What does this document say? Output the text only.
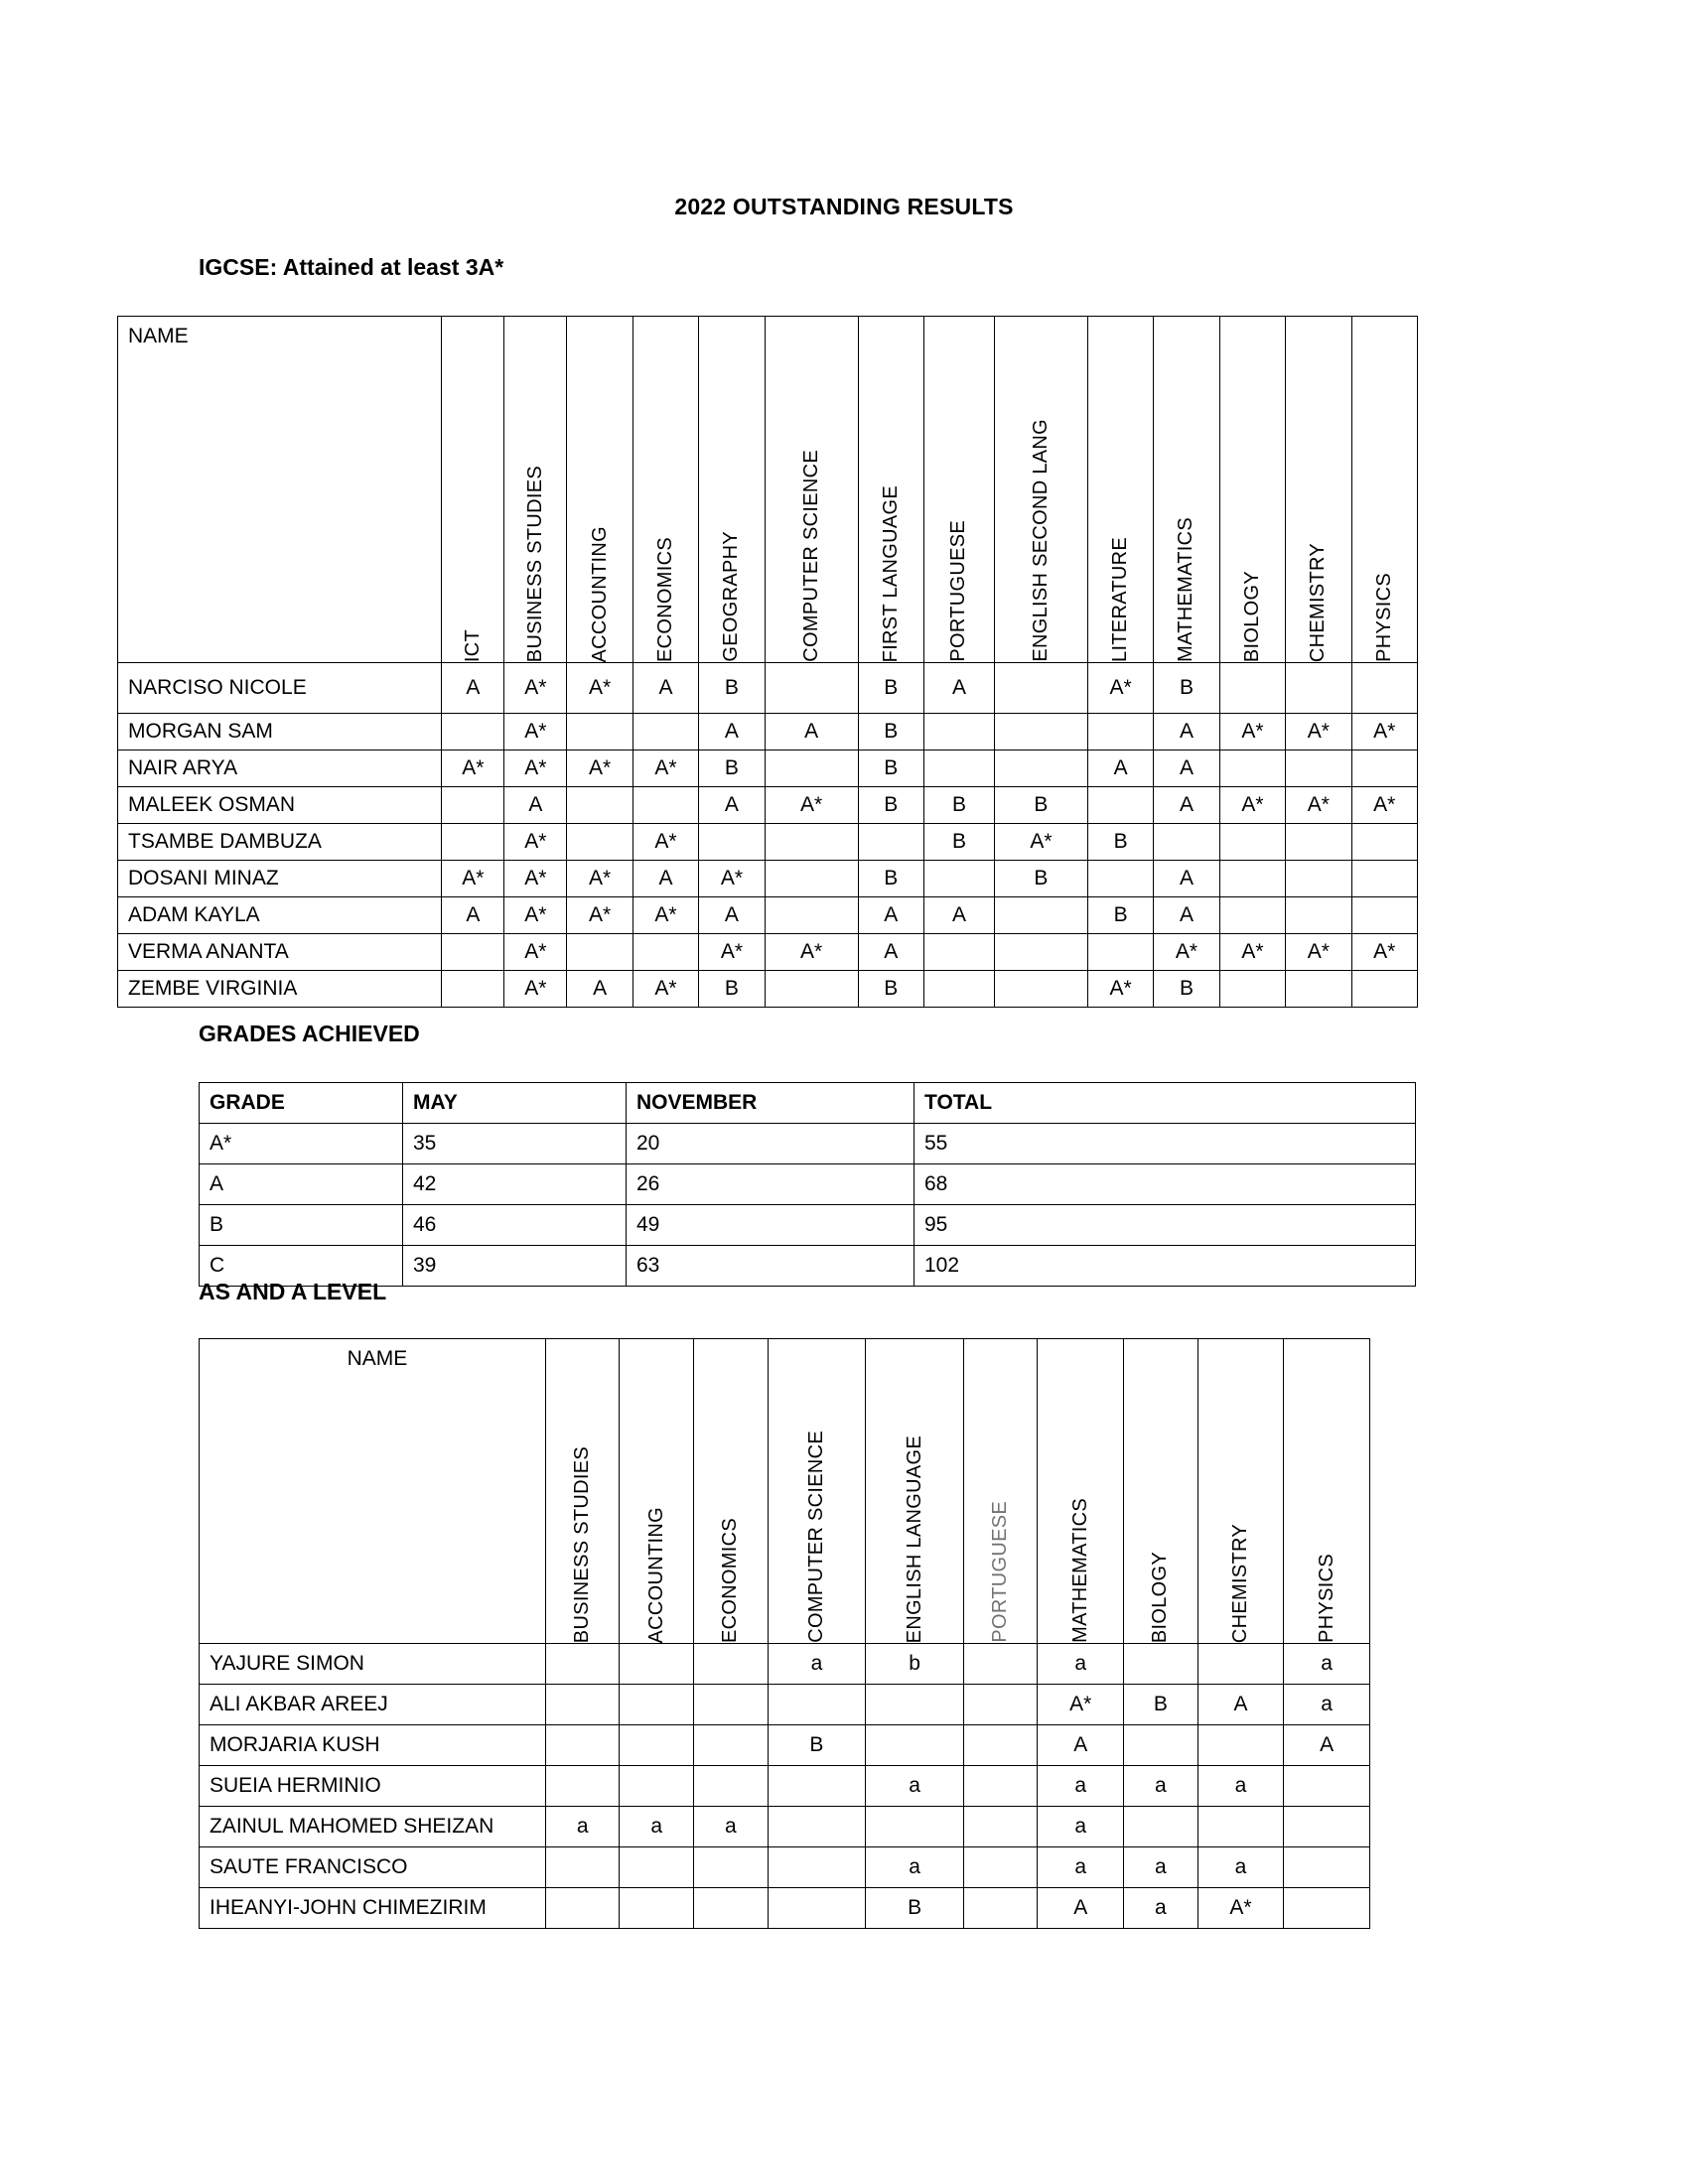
2022 OUTSTANDING RESULTS
IGCSE: Attained at least 3A*
NAME	ICT	BUSINESS STUDIES	ACCOUNTING	ECONOMICS	GEOGRAPHY	COMPUTER SCIENCE	FIRST LANGUAGE	PORTUGUESE	ENGLISH SECOND LANG	LITERATURE	MATHEMATICS	BIOLOGY	CHEMISTRY	PHYSICS

NARCISO NICOLE	A	A*	A*	A	B		B	A		A*	B			
MORGAN SAM		A*			A	A	B				A	A*	A*	A*
NAIR ARYA	A*	A*	A*	A*	B		B			A	A			
MALEEK OSMAN		A			A	A*	B	B	B		A	A*	A*	A*
TSAMBE DAMBUZA		A*		A*				B	A*	B				
DOSANI MINAZ	A*	A*	A*	A	A*		B		B		A			
ADAM KAYLA	A	A*	A*	A*	A		A	A		B	A			
VERMA ANANTA		A*			A*	A*	A				A*	A*	A*	A*
ZEMBE VIRGINIA		A*	A	A*	B		B			A*	B			
GRADES ACHIEVED
GRADE	MAY	NOVEMBER	TOTAL
A*	35	20	55
A	42	26	68
B	46	49	95
C	39	63	102
AS AND A LEVEL
NAME	BUSINESS STUDIES	ACCOUNTING	ECONOMICS	COMPUTER SCIENCE	ENGLISH LANGUAGE	PORTUGUESE	MATHEMATICS	BIOLOGY	CHEMISTRY	PHYSICS

YAJURE SIMON				a	b		a			a
ALI AKBAR AREEJ							A*	B	A	a
MORJARIA KUSH				B			A			A
SUEIA HERMINIO					a		a	a	a	
ZAINUL MAHOMED SHEIZAN	a	a	a				a			
SAUTE FRANCISCO					a		a	a	a	
IHEANYI-JOHN CHIMEZIRIM					B		A	a	A*	
